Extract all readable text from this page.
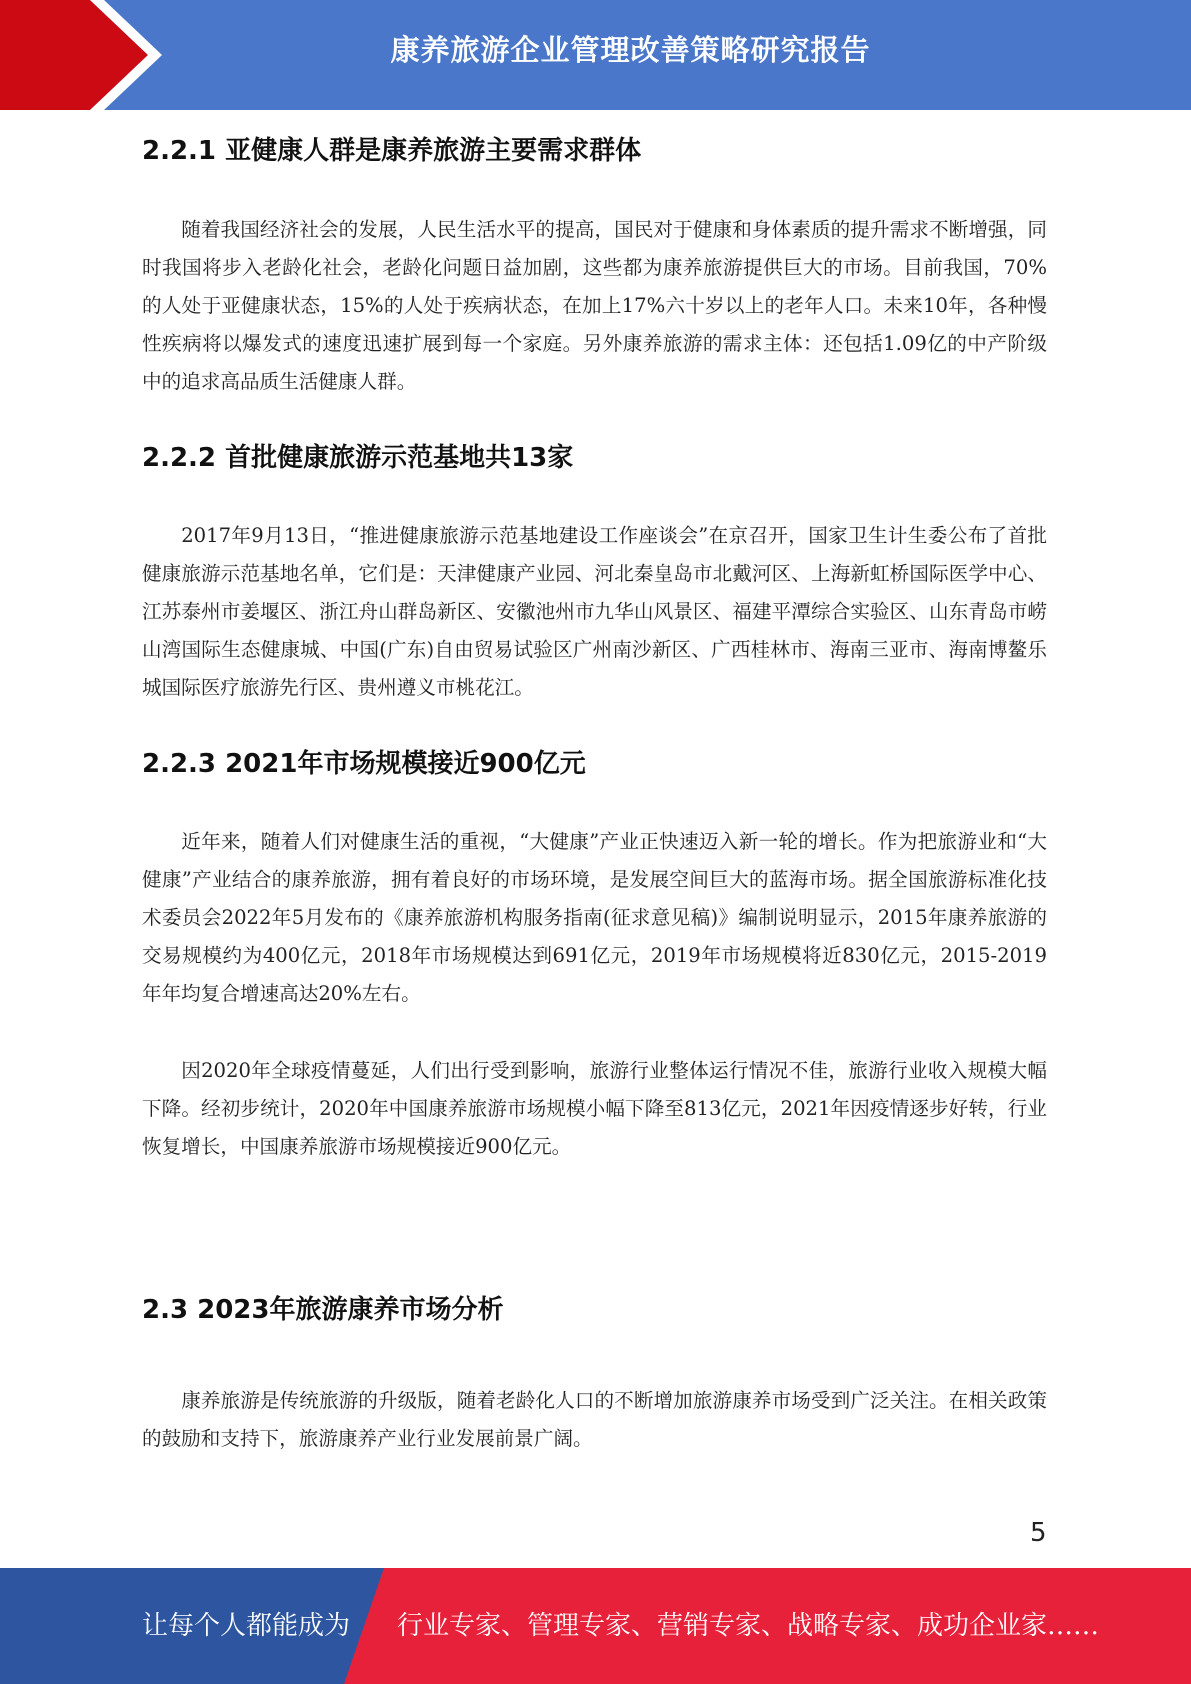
康养旅游企业管理改善策略研究报告
2.2.1 亚健康人群是康养旅游主要需求群体
随着我国经济社会的发展，人民生活水平的提高，国民对于健康和身体素质的提升需求不断增强，同时我国将步入老龄化社会，老龄化问题日益加剧，这些都为康养旅游提供巨大的市场。目前我国，70%的人处于亚健康状态，15%的人处于疾病状态，在加上17%六十岁以上的老年人口。未来10年，各种慢性疾病将以爆发式的速度迅速扩展到每一个家庭。另外康养旅游的需求主体：还包括1.09亿的中产阶级中的追求高品质生活健康人群。
2.2.2 首批健康旅游示范基地共13家
2017年9月13日，“推进健康旅游示范基地建设工作座谈会”在京召开，国家卫生计生委公布了首批健康旅游示范基地名单，它们是：天津健康产业园、河北秦皇岛市北戴河区、上海新虹桥国际医学中心、江苏泰州市姜堰区、浙江舟山群岛新区、安徽池州市九华山风景区、福建平潭综合实验区、山东青岛市崂山湾国际生态健康城、中国(广东)自由贸易试验区广州南沙新区、广西桂林市、海南三亚市、海南博鳌乐城国际医疗旅游先行区、贵州遵义市桃花江。
2.2.3 2021年市场规模接近900亿元
近年来，随着人们对健康生活的重视，“大健康”产业正快速迈入新一轮的增长。作为把旅游业和“大健康”产业结合的康养旅游，拥有着良好的市场环境，是发展空间巨大的蓝海市场。据全国旅游标准化技术委员会2022年5月发布的《康养旅游机构服务指南(征求意见稿)》编制说明显示，2015年康养旅游的交易规模约为400亿元，2018年市场规模达到691亿元，2019年市场规模将近830亿元，2015-2019年年均复合增速高达20%左右。
因2020年全球疫情蔓延，人们出行受到影响，旅游行业整体运行情况不佳，旅游行业收入规模大幅下降。经初步统计，2020年中国康养旅游市场规模小幅下降至813亿元，2021年因疫情逐步好转，行业恢复增长，中国康养旅游市场规模接近900亿元。
2.3 2023年旅游康养市场分析
康养旅游是传统旅游的升级版，随着老龄化人口的不断增加旅游康养市场受到广泛关注。在相关政策的鼓励和支持下，旅游康养产业行业发展前景广阔。
5
让每个人都能成为 行业专家、管理专家、营销专家、战略专家、成功企业家……
